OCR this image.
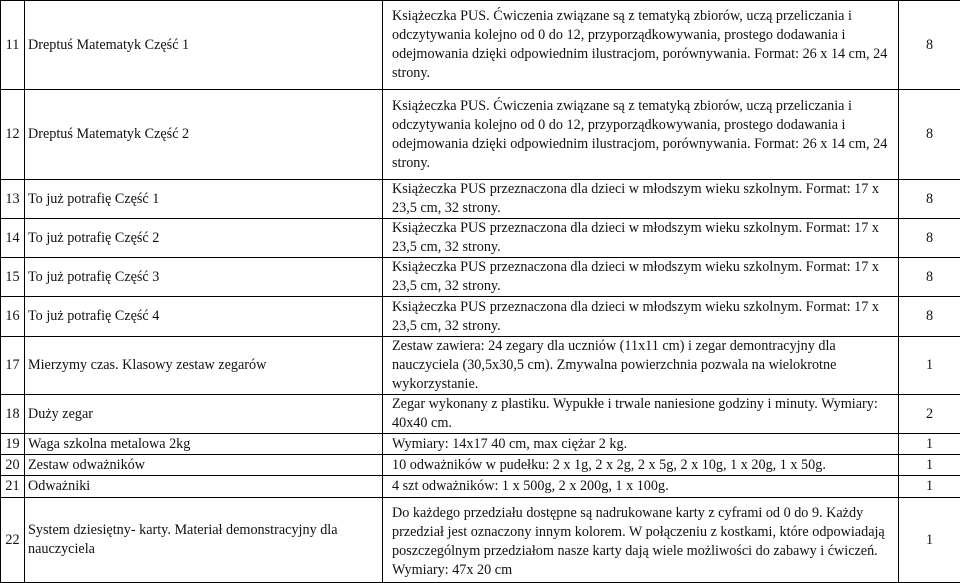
11	Dreptuś Matematyk Część 1	Książeczka PUS. Ćwiczenia związane są z tematyką zbiorów, uczą przeliczania i odczytywania kolejno od 0 do 12, przyporządkowywania, prostego dodawania i odejmowania dzięki odpowiednim ilustracjom, porównywania. Format: 26 x 14 cm, 24 strony.	8
12	Dreptuś Matematyk Część 2	Książeczka PUS. Ćwiczenia związane są z tematyką zbiorów, uczą przeliczania i odczytywania kolejno od 0 do 12, przyporządkowywania, prostego dodawania i odejmowania dzięki odpowiednim ilustracjom, porównywania. Format: 26 x 14 cm, 24 strony.	8
13	To już potrafię Część 1	Książeczka PUS przeznaczona dla dzieci w młodszym wieku szkolnym. Format: 17 x 23,5 cm, 32 strony.	8
14	To już potrafię Część 2	Książeczka PUS przeznaczona dla dzieci w młodszym wieku szkolnym. Format: 17 x 23,5 cm, 32 strony.	8
15	To już potrafię Część 3	Książeczka PUS przeznaczona dla dzieci w młodszym wieku szkolnym. Format: 17 x 23,5 cm, 32 strony.	8
16	To już potrafię Część 4	Książeczka PUS przeznaczona dla dzieci w młodszym wieku szkolnym. Format: 17 x 23,5 cm, 32 strony.	8
17	Mierzymy czas. Klasowy zestaw zegarów	Zestaw zawiera: 24 zegary dla uczniów (11x11 cm) i zegar demontracyjny dla nauczyciela (30,5x30,5 cm). Zmywalna powierzchnia pozwala na wielokrotne wykorzystanie.	1
18	Duży zegar	Zegar wykonany z plastiku. Wypukłe i trwale naniesione godziny i minuty. Wymiary: 40x40 cm.	2
19	Waga szkolna metalowa 2kg	Wymiary: 14x17 40 cm, max ciężar 2 kg.	1
20	Zestaw odważników	10 odważników w pudełku: 2 x 1g, 2 x 2g, 2 x 5g, 2 x 10g, 1 x 20g, 1 x 50g.	1
21	Odważniki	4 szt odważników: 1 x 500g, 2 x 200g, 1 x 100g.	1
22	System dziesiętny- karty. Materiał demonstracyjny dla nauczyciela	Do każdego przedziału dostępne są nadrukowane karty z cyframi od 0 do 9. Każdy przedział jest oznaczony innym kolorem. W połączeniu z kostkami, które odpowiadają poszczególnym przedziałom nasze karty dają wiele możliwości do zabawy i ćwiczeń. Wymiary: 47x 20 cm	1
